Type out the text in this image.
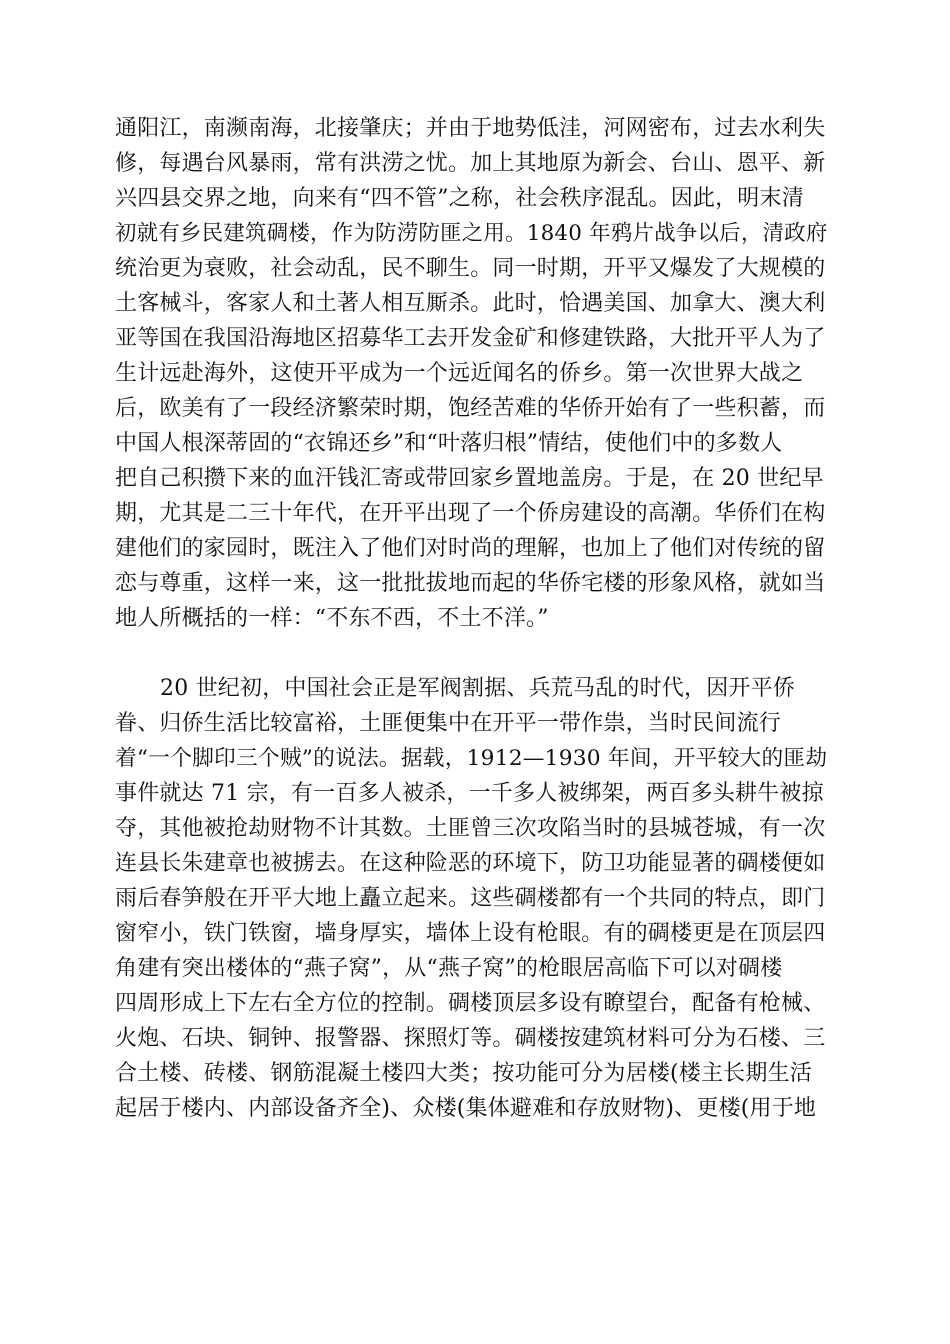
通阳江，南濒南海，北接肇庆；并由于地势低洼，河网密布，过去水利失
修，每遇台风暴雨，常有洪涝之忧。加上其地原为新会、台山、恩平、新
兴四县交界之地，向来有“四不管”之称，社会秩序混乱。因此，明末清
初就有乡民建筑碉楼，作为防涝防匪之用。1840 年鸦片战争以后，清政府
统治更为衰败，社会动乱，民不聊生。同一时期，开平又爆发了大规模的
土客械斗，客家人和土著人相互厮杀。此时，恰遇美国、加拿大、澳大利
亚等国在我国沿海地区招募华工去开发金矿和修建铁路，大批开平人为了
生计远赴海外，这使开平成为一个远近闻名的侨乡。第一次世界大战之
后，欧美有了一段经济繁荣时期，饱经苦难的华侨开始有了一些积蓄，而
中国人根深蒂固的“衣锦还乡”和“叶落归根”情结，使他们中的多数人
把自己积攒下来的血汗钱汇寄或带回家乡置地盖房。于是，在 20 世纪早
期，尤其是二三十年代，在开平出现了一个侨房建设的高潮。华侨们在构
建他们的家园时，既注入了他们对时尚的理解，也加上了他们对传统的留
恋与尊重，这样一来，这一批批拔地而起的华侨宅楼的形象风格，就如当
地人所概括的一样：“不东不西，不土不洋。”
20 世纪初，中国社会正是军阀割据、兵荒马乱的时代，因开平侨
眷、归侨生活比较富裕，土匪便集中在开平一带作祟，当时民间流行
着“一个脚印三个贼”的说法。据载，1912—1930 年间，开平较大的匪劫
事件就达 71 宗，有一百多人被杀，一千多人被绑架，两百多头耕牛被掠
夺，其他被抢劫财物不计其数。土匪曾三次攻陷当时的县城苍城，有一次
连县长朱建章也被掳去。在这种险恶的环境下，防卫功能显著的碉楼便如
雨后春笋般在开平大地上矗立起来。这些碉楼都有一个共同的特点，即门
窗窄小，铁门铁窗，墙身厚实，墙体上设有枪眼。有的碉楼更是在顶层四
角建有突出楼体的“燕子窝”，从“燕子窝”的枪眼居高临下可以对碉楼
四周形成上下左右全方位的控制。碉楼顶层多设有瞭望台，配备有枪械、
火炮、石块、铜钟、报警器、探照灯等。碉楼按建筑材料可分为石楼、三
合土楼、砖楼、钢筋混凝土楼四大类；按功能可分为居楼(楼主长期生活
起居于楼内、内部设备齐全)、众楼(集体避难和存放财物)、更楼(用于地
